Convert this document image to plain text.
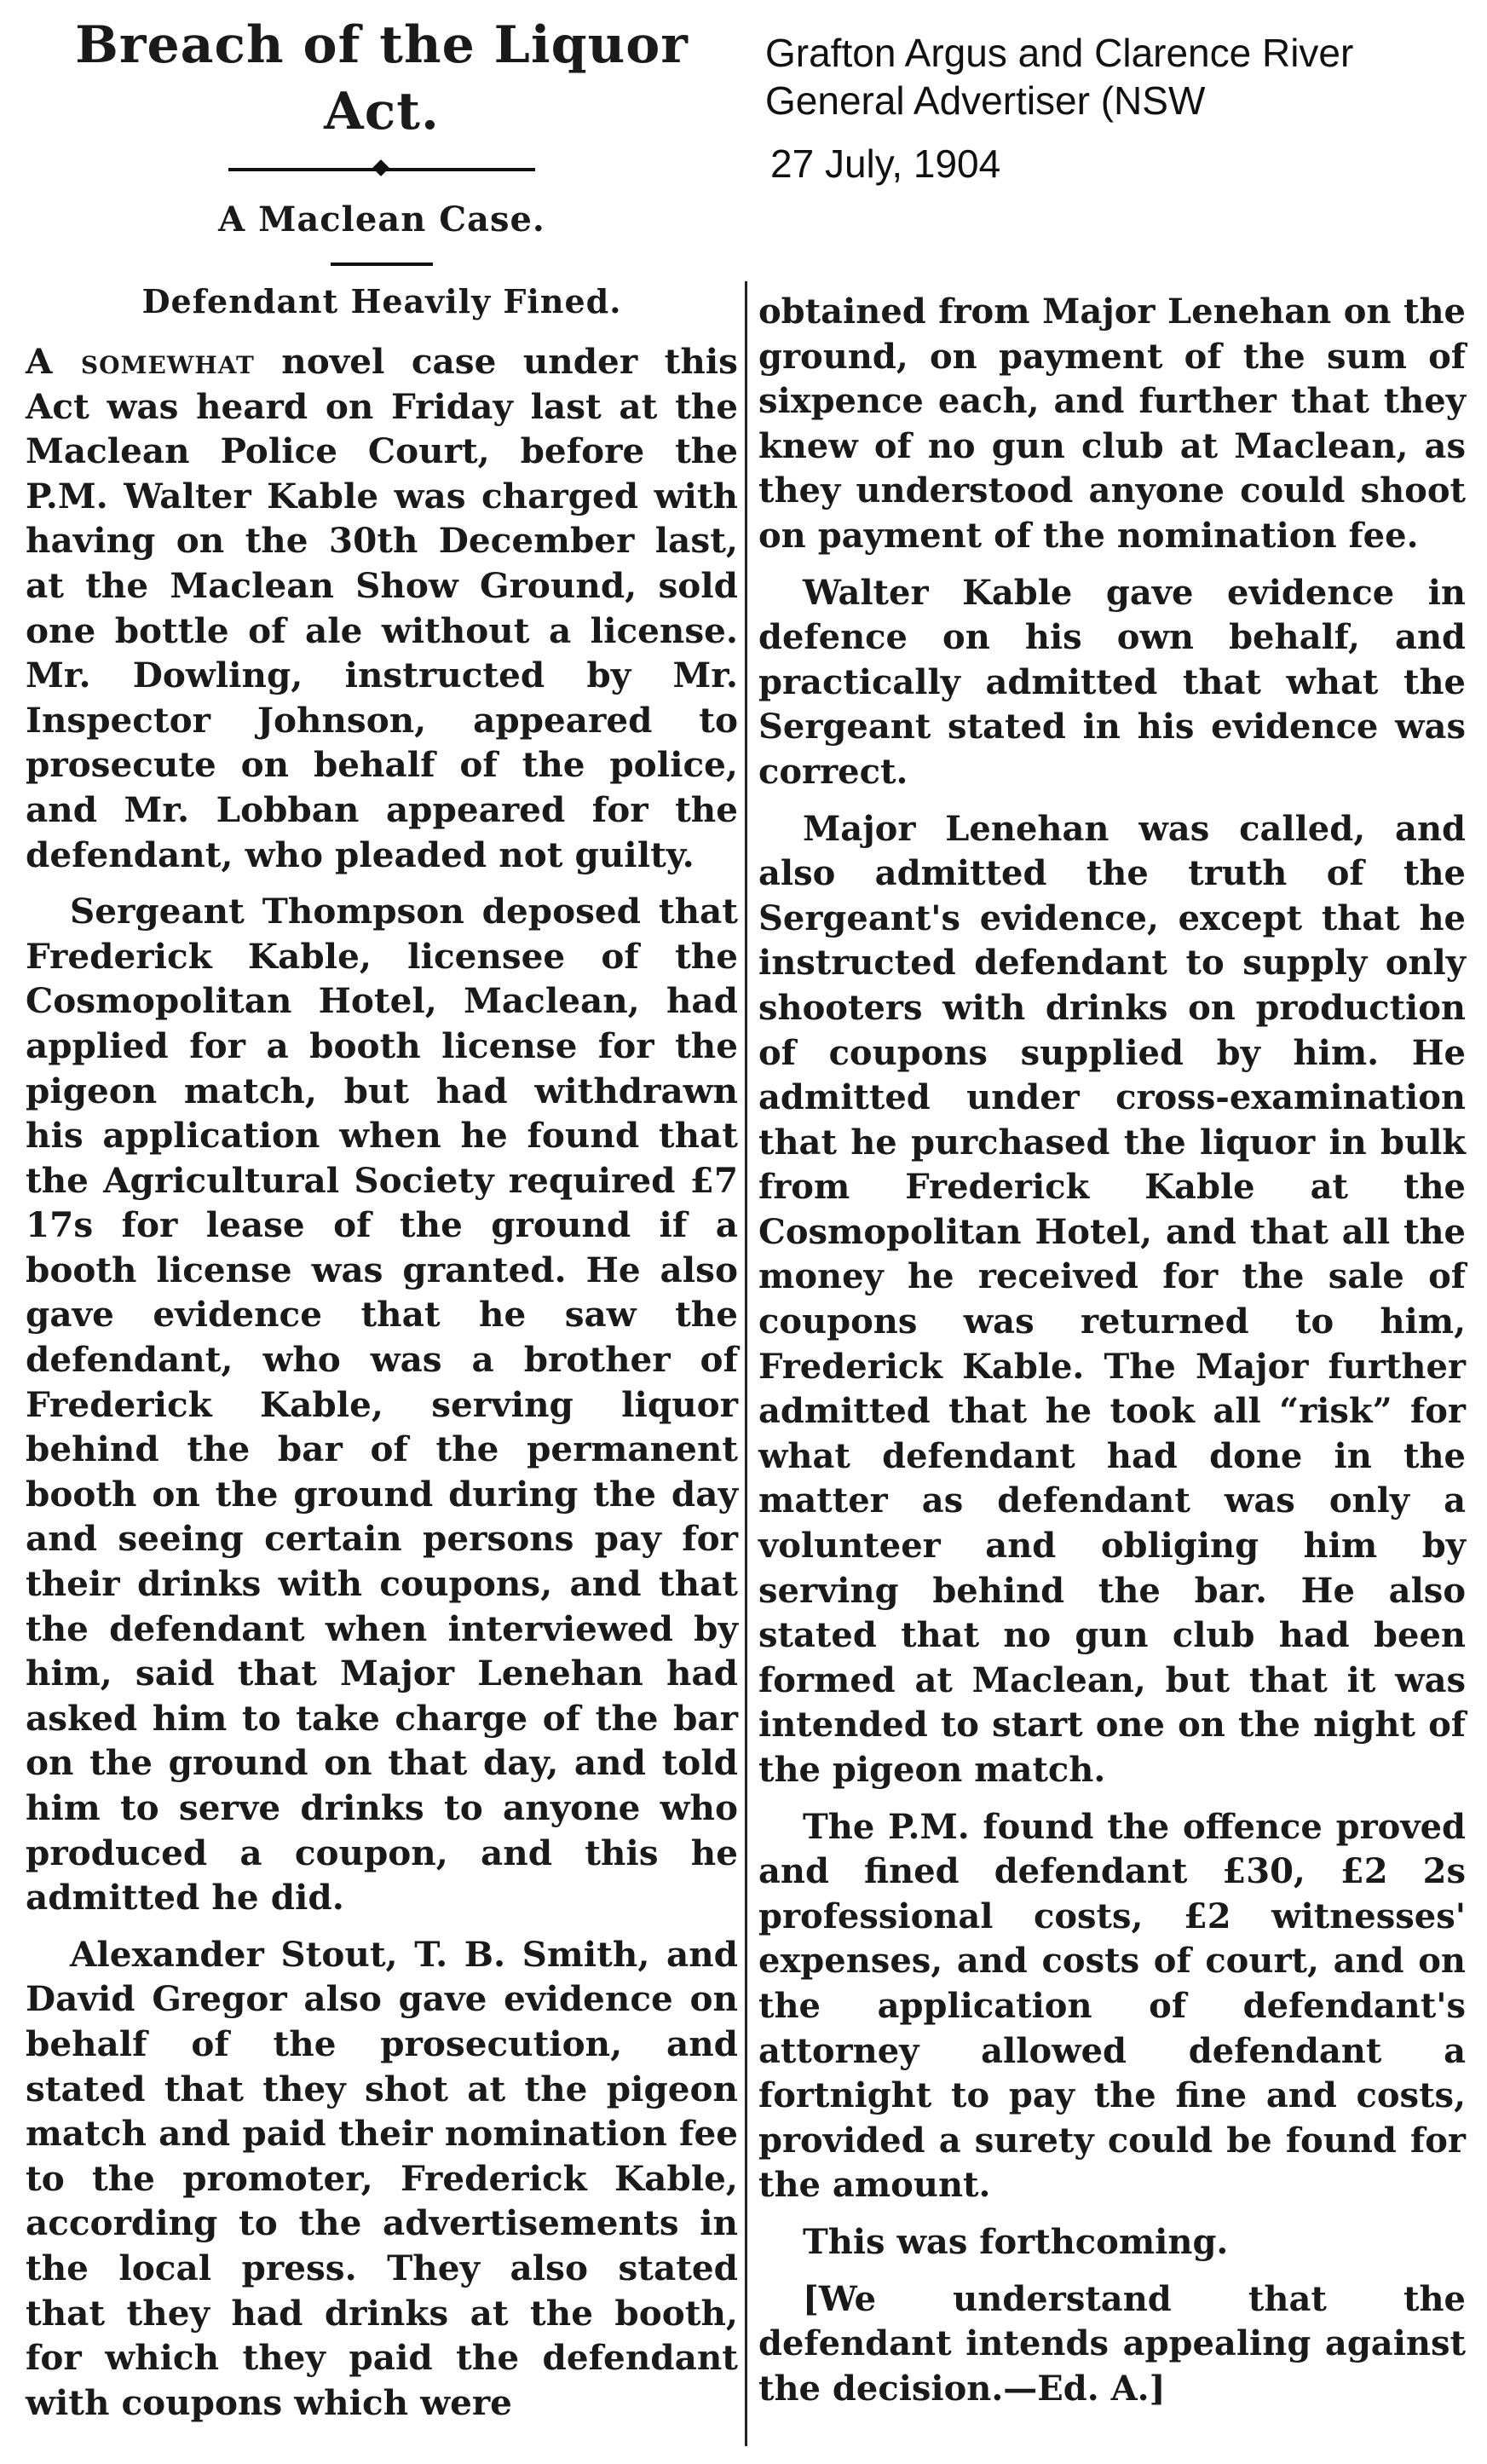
Breach of the Liquor Act.
A Maclean Case.
Defendant Heavily Fined.

A somewhat novel case under this Act was heard on Friday last at the Maclean Police Court, before the P.M. Walter Kable was charged with having on the 30th December last, at the Maclean Show Ground, sold one bottle of ale without a license. Mr. Dowling, instructed by Mr. Inspector Johnson, appeared to prosecute on behalf of the police, and Mr. Lobban appeared for the defendant, who pleaded not guilty.

Sergeant Thompson deposed that Frederick Kable, licensee of the Cosmopolitan Hotel, Maclean, had applied for a booth license for the pigeon match, but had withdrawn his application when he found that the Agricultural Society required £7 17s for lease of the ground if a booth license was granted. He also gave evidence that he saw the defendant, who was a brother of Frederick Kable, serving liquor behind the bar of the permanent booth on the ground during the day and seeing certain persons pay for their drinks with coupons, and that the defendant when interviewed by him, said that Major Lenehan had asked him to take charge of the bar on the ground on that day, and told him to serve drinks to anyone who produced a coupon, and this he admitted he did.

Alexander Stout, T. B. Smith, and David Gregor also gave evidence on behalf of the prosecution, and stated that they shot at the pigeon match and paid their nomination fee to the promoter, Frederick Kable, according to the advertisements in the local press. They also stated that they had drinks at the booth, for which they paid the defendant with coupons which were

Grafton Argus and Clarence River General Advertiser (NSW
27 July, 1904

obtained from Major Lenehan on the ground, on payment of the sum of sixpence each, and further that they knew of no gun club at Maclean, as they understood anyone could shoot on payment of the nomination fee.

Walter Kable gave evidence in defence on his own behalf, and practically admitted that what the Sergeant stated in his evidence was correct.

Major Lenehan was called, and also admitted the truth of the Sergeant's evidence, except that he instructed defendant to supply only shooters with drinks on production of coupons supplied by him. He admitted under cross-examination that he purchased the liquor in bulk from Frederick Kable at the Cosmopolitan Hotel, and that all the money he received for the sale of coupons was returned to him, Frederick Kable. The Major further admitted that he took all “risk” for what defendant had done in the matter as defendant was only a volunteer and obliging him by serving behind the bar. He also stated that no gun club had been formed at Maclean, but that it was intended to start one on the night of the pigeon match.

The P.M. found the offence proved and fined defendant £30, £2 2s professional costs, £2 witnesses' expenses, and costs of court, and on the application of defendant's attorney allowed defendant a fortnight to pay the fine and costs, provided a surety could be found for the amount.

This was forthcoming.

[We understand that the defendant intends appealing against the decision.—Ed. A.]
